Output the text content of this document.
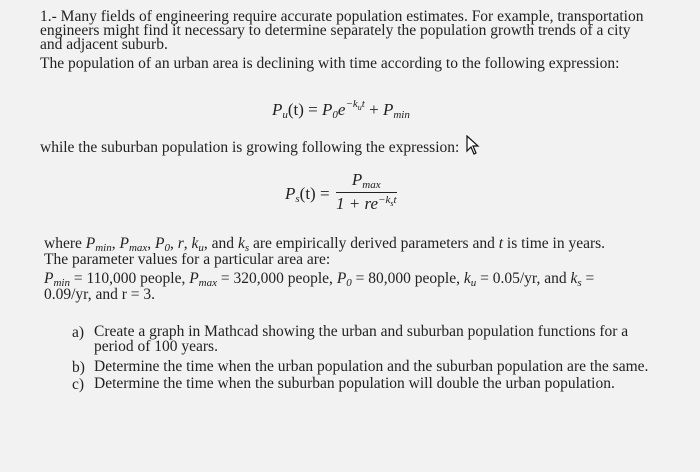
1.- Many fields of engineering require accurate population estimates. For example, transportation
engineers might find it necessary to determine separately the population growth trends of a city
and adjacent suburb.
The population of an urban area is declining with time according to the following expression:
$P_u(t) = P_0e^{-k_ut} + P_{min}$
while the suburban population is growing following the expression:
$P_s(t)$ =
$P_{max}$
$1 + re^{-k_st}$
where $P_{min}$, $P_{max}$, $P_0$, r, $k_u$, and $k_s$ are empirically derived parameters and t is time in years.
The parameter values for a particular area are:
$P_{min} = 110,000$ people, $P_{max} = 320,000$ people, $P_0 = 80,000$ people, $k_u = 0.05/yr$, and $k_s$ =
0.09/yr, and r = 3.
a) Create a graph in Mathcad showing the urban and suburban population functions for a
period of 100 years.
b) Determine the time when the urban population and the suburban population are the same.
c) Determine the time when the suburban population will double the urban population.
